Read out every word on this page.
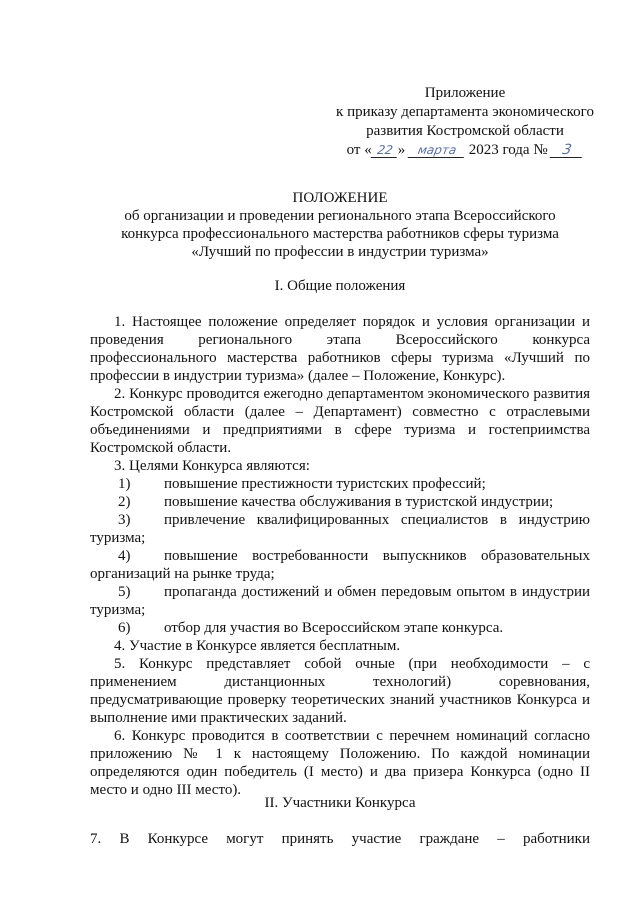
Приложение
к приказу департамента экономического
развития Костромской области
от « 22 » марта 2023 года № 3
ПОЛОЖЕНИЕ
об организации и проведении регионального этапа Всероссийского
конкурса профессионального мастерства работников сферы туризма
«Лучший по профессии в индустрии туризма»
I. Общие положения

1. Настоящее положение определяет порядок и условия организации и проведения регионального этапа Всероссийского конкурса профессионального мастерства работников сферы туризма «Лучший по профессии в индустрии туризма» (далее – Положение, Конкурс).

2. Конкурс проводится ежегодно департаментом экономического развития Костромской области (далее – Департамент) совместно с отраслевыми объединениями и предприятиями в сфере туризма и гостеприимства Костромской области.

3. Целями Конкурса являются:

1)	повышение престижности туристских профессий;
2)	повышение качества обслуживания в туристской индустрии;

3) привлечение квалифицированных специалистов в индустрию туризма;

4) повышение востребованности выпускников образовательных организаций на рынке труда;

5) пропаганда достижений и обмен передовым опытом в индустрии туризма;

6)	отбор для участия во Всероссийском этапе конкурса.

4. Участие в Конкурсе является бесплатным.

5. Конкурс представляет собой очные (при необходимости – с применением дистанционных технологий) соревнования, предусматривающие проверку теоретических знаний участников Конкурса и выполнение ими практических заданий.

6. Конкурс проводится в соответствии с перечнем номинаций согласно приложению № 1 к настоящему Положению. По каждой номинации определяются один победитель (I место) и два призера Конкурса (одно II место и одно III место).

II. Участники Конкурса
7. В Конкурсе могут принять участие граждане – работники
